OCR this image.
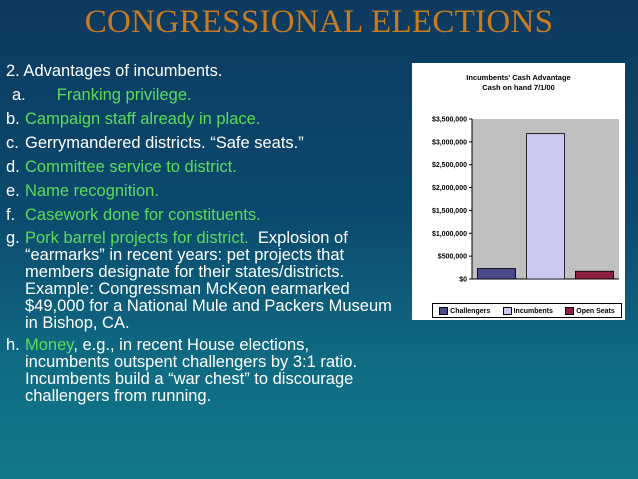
CONGRESSIONAL ELECTIONS
2. Advantages of incumbents.
a. Franking privilege.
b. Campaign staff already in place.
c. Gerrymandered districts. “Safe seats.”
d. Committee service to district.
e. Name recognition.
f. Casework done for constituents.
g. Pork barrel projects for district.  Explosion of
“earmarks” in recent years: pet projects that
members designate for their states/districts.
Example: Congressman McKeon earmarked
$49,000 for a National Mule and Packers Museum
in Bishop, CA.
h. Money, e.g., in recent House elections,
incumbents outspent challengers by 3:1 ratio.
Incumbents build a “war chest” to discourage
challengers from running.
Incumbents' Cash Advantage
Cash on hand 7/1/00
$0
$500,000
$1,000,000
$1,500,000
$2,000,000
$2,500,000
$3,000,000
$3,500,000
Challengers	Incumbents	Open Seats
